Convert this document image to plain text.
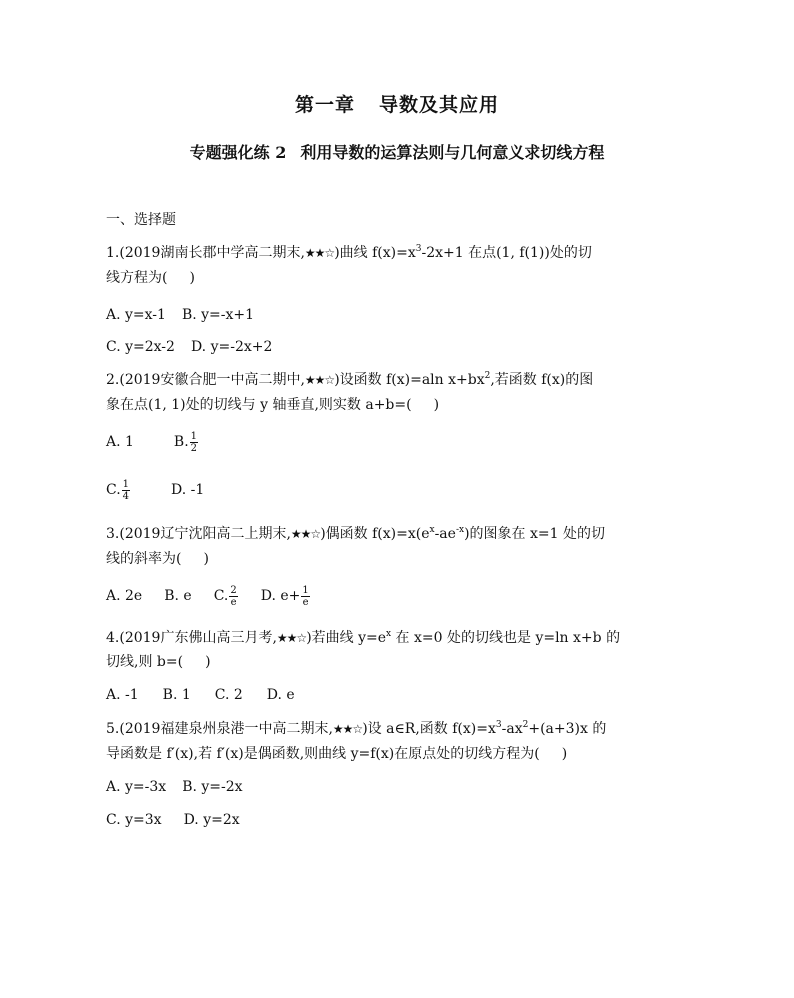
第一章 导数及其应用
专题强化练 2 利用导数的运算法则与几何意义求切线方程
一、选择题
1.(2019湖南长郡中学高二期末,★★☆)曲线 $f(x)=x^3-2x+1$ 在点(1, f(1))处的切
线方程为( )
A. y=x-1 B. y=-x+1
C. y=2x-2 D. y=-2x+2
2.(2019安徽合肥一中高二期中,★★☆)设函数 f(x)=aln $x+bx^2$,若函数 f(x)的图
象在点(1, 1)处的切线与 y 轴垂直,则实数 a+b=( )
A. 1	B. $\frac{1}{2}$
C. $\frac{1}{4}$	D. -1
3.(2019辽宁沈阳高二上期末,★★☆)偶函数 $f(x)=x(e^x-ae^{-x})$的图象在 x=1 处的切
线的斜率为( )
A. 2e B. e C. $\frac{2}{e} D$. $e+ \frac{1}{e}$
4.(2019广东佛山高三月考,★★☆)若曲线 $y=e^x$ 在 x=0 处的切线也是 y=ln x+b 的
切线,则 b=( )
A. -1 B. 1 C. 2 D. e
5.(2019福建泉州泉港一中高二期末,★★☆)设 a∈R,函数 $f(x)=x^3-ax^2+(a+3)x$ 的
导函数是 f′(x),若 f′(x)是偶函数,则曲线 y=f(x)在原点处的切线方程为( )
A. y=-3x B. y=-2x
C. y=3x D. y=2x
